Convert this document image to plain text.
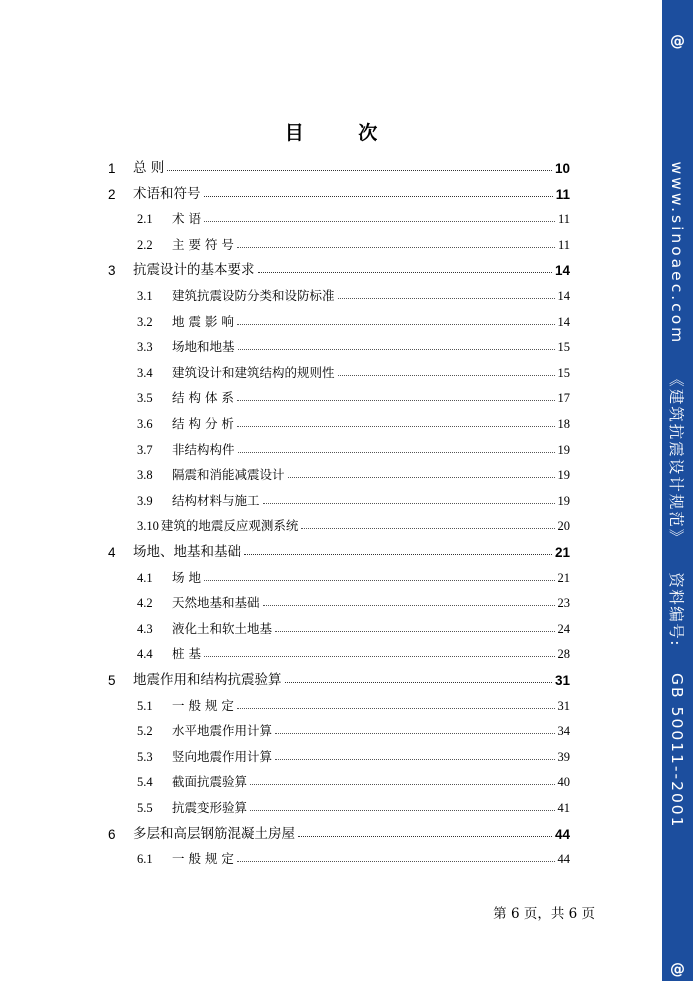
目 次
1	总 则	10
2	术语和符号	11
2.1	术 语	11
2.2	主 要 符 号	11
3	抗震设计的基本要求	14
3.1	建筑抗震设防分类和设防标准	14
3.2	地 震 影 响	14
3.3	场地和地基	15
3.4	建筑设计和建筑结构的规则性	15
3.5	结 构 体 系	17
3.6	结 构 分 析	18
3.7	非结构构件	19
3.8	隔震和消能减震设计	19
3.9	结构材料与施工	19
3.10 建筑的地震反应观测系统	20
4	场地、地基和基础	21
4.1	场 地	21
4.2	天然地基和基础	23
4.3	液化土和软土地基	24
4.4	桩 基	28
5	地震作用和结构抗震验算	31
5.1	一 般 规 定	31
5.2	水平地震作用计算	34
5.3	竖向地震作用计算	39
5.4	截面抗震验算	40
5.5	抗震变形验算	41
6	多层和高层钢筋混凝土房屋	44
6.1	一 般 规 定	44
第 6 页，共 6 页
@
www.sinoaec.com
《建筑抗震设计规范》
资料编号:
GB 50011--2001
@
